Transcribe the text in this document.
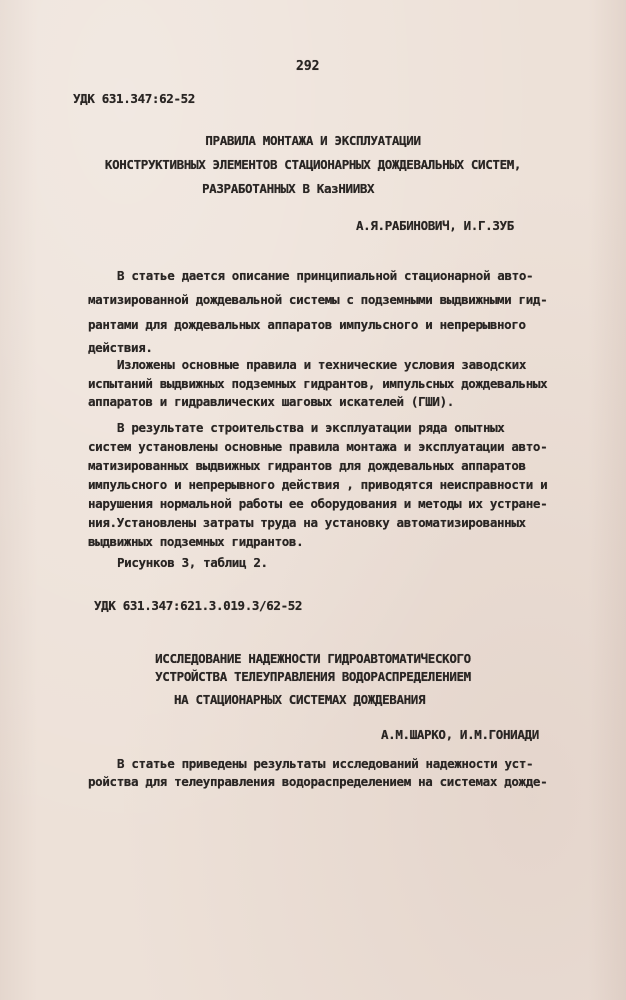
292
УДК 631.347:62-52
ПРАВИЛА МОНТАЖА И ЭКСПЛУАТАЦИИ
КОНСТРУКТИВНЫХ ЭЛЕМЕНТОВ СТАЦИОНАРНЫХ ДОЖДЕВАЛЬНЫХ СИСТЕМ,
РАЗРАБОТАННЫХ В КазНИИВХ
А.Я.РАБИНОВИЧ, И.Г.ЗУБ
В статье дается описание принципиальной стационарной авто-
матизированной дождевальной системы с подземными выдвижными гид-
рантами для дождевальных аппаратов импульсного и непрерывного
действия.
Изложены основные правила и технические условия заводских
испытаний выдвижных подземных гидрантов, импульсных дождевальных
аппаратов и гидравлических шаговых искателей (ГШИ).
В результате строительства и эксплуатации ряда опытных
систем установлены основные правила монтажа и эксплуатации авто-
матизированных выдвижных гидрантов для дождевальных аппаратов
импульсного и непрерывного действия , приводятся неисправности и
нарушения нормальной работы ее оборудования и методы их устране-
ния.Установлены затраты труда на установку автоматизированных
выдвижных подземных гидрантов.
Рисунков 3, таблиц 2.
УДК 631.347:621.3.019.3/62-52
ИССЛЕДОВАНИЕ НАДЕЖНОСТИ ГИДРОАВТОМАТИЧЕСКОГО
УСТРОЙСТВА ТЕЛЕУПРАВЛЕНИЯ ВОДОРАСПРЕДЕЛЕНИЕМ
НА СТАЦИОНАРНЫХ СИСТЕМАХ ДОЖДЕВАНИЯ
А.М.ШАРКО, И.М.ГОНИАДИ
В статье приведены результаты исследований надежности уст-
ройства для телеуправления водораспределением на системах дожде-
